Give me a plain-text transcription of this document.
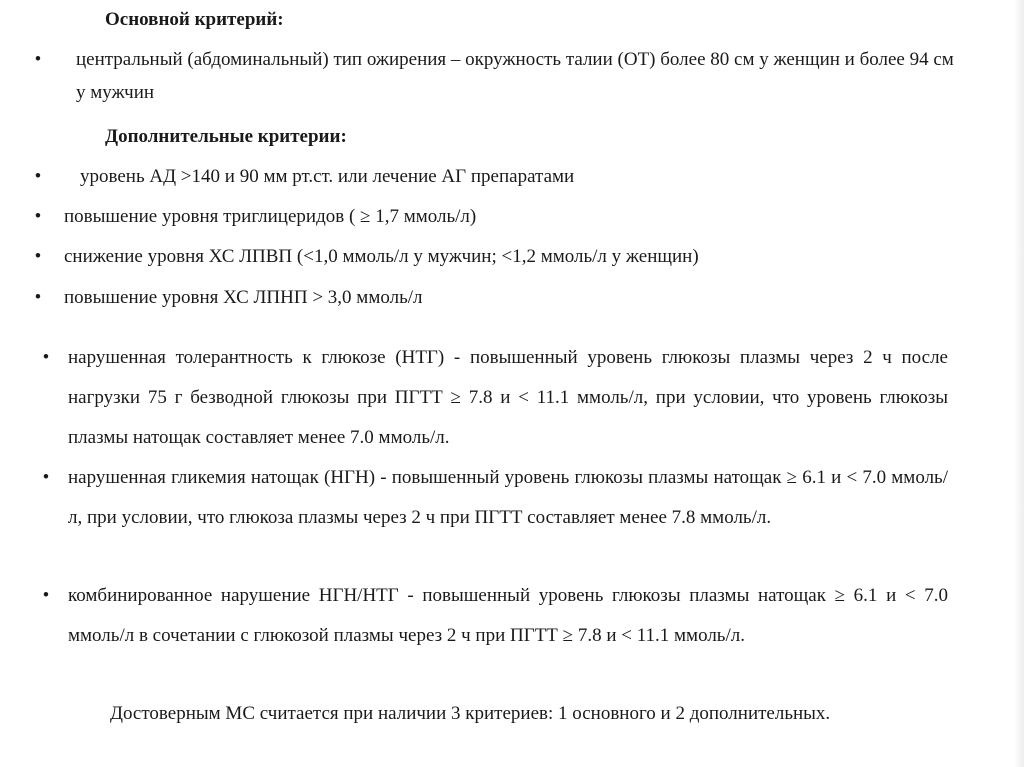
Основной критерий:
•	центральный (абдоминальный) тип ожирения – окружность талии (ОТ) более 80 см у женщин и более 94 см у мужчин
Дополнительные критерии:
•	уровень АД >140 и 90 мм рт.ст. или лечение АГ препаратами
•	повышение уровня триглицеридов ( ≥ 1,7 ммоль/л)
•	снижение уровня ХС ЛПВП (<1,0 ммоль/л у мужчин; <1,2 ммоль/л у женщин)
•	повышение уровня ХС ЛПНП > 3,0 ммоль/л
• нарушенная толерантность к глюкозе (НТГ) - повышенный уровень глюкозы плазмы через 2 ч после нагрузки 75 г безводной глюкозы при ПГТТ ≥ 7.8 и < 11.1 ммоль/л, при условии, что уровень глюкозы плазмы натощак составляет менее 7.0 ммоль/л.
• нарушенная гликемия натощак (НГН) - повышенный уровень глюкозы плазмы натощак ≥ 6.1 и < 7.0 ммоль/л, при условии, что глюкоза плазмы через 2 ч при ПГТТ составляет менее 7.8 ммоль/л.
• комбинированное нарушение НГН/НТГ - повышенный уровень глюкозы плазмы натощак ≥ 6.1 и < 7.0 ммоль/л в сочетании с глюкозой плазмы через 2 ч при ПГТТ ≥ 7.8 и < 11.1 ммоль/л.
Достоверным МС считается при наличии 3 критериев: 1 основного и 2 дополнительных.
